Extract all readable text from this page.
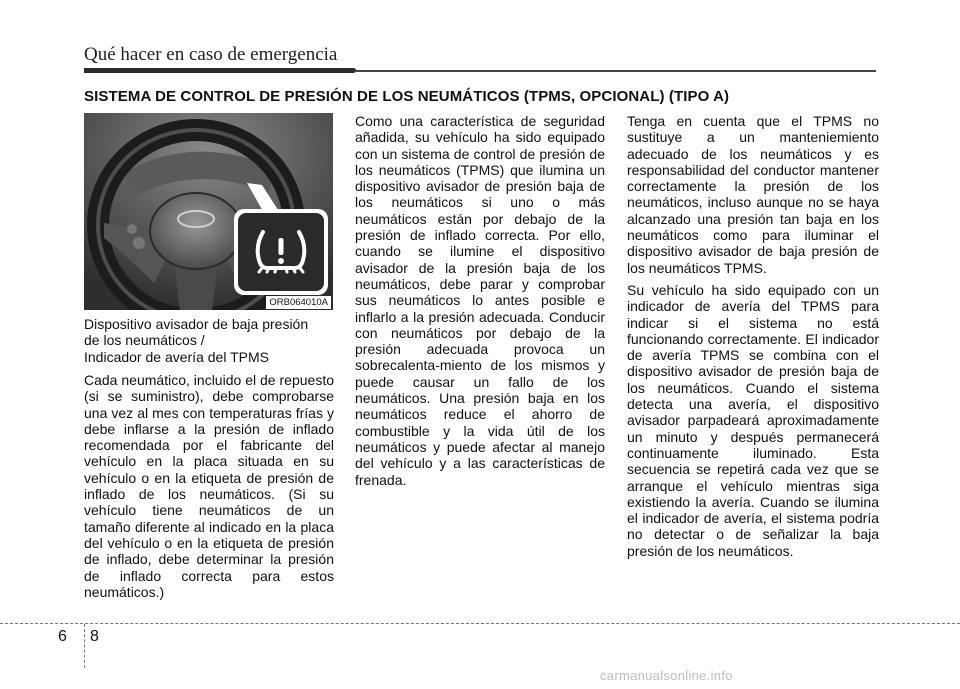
Qué hacer en caso de emergencia
SISTEMA DE CONTROL DE PRESIÓN DE LOS NEUMÁTICOS (TPMS, OPCIONAL) (TIPO A)
ORB064010A
Dispositivo avisador de baja presión
de los neumáticos /
Indicador de avería del TPMS

Cada neumático, incluido el de repuesto (si se suministro), debe comprobarse una vez al mes con temperaturas frías y debe inflarse a la presión de inflado recomendada por el fabricante del vehículo en la placa situada en su vehículo o en la etiqueta de presión de inflado de los neumáticos. (Si su vehículo tiene neumáticos de un tamaño diferente al indicado en la placa del vehículo o en la etiqueta de presión de inflado, debe determinar la presión de inflado correcta para estos neumáticos.)

Como una característica de seguridad añadida, su vehículo ha sido equipado con un sistema de control de presión de los neumáticos (TPMS) que ilumina un dispositivo avisador de presión baja de los neumáticos si uno o más neumáticos están por debajo de la presión de inflado correcta. Por ello, cuando se ilumine el dispositivo avisador de la presión baja de los neumáticos, debe parar y comprobar sus neumáticos lo antes posible e inflarlo a la presión adecuada. Conducir con neumáticos por debajo de la presión adecuada provoca un sobrecalenta-miento de los mismos y puede causar un fallo de los neumáticos. Una presión baja en los neumáticos reduce el ahorro de combustible y la vida útil de los neumáticos y puede afectar al manejo del vehículo y a las características de frenada.

Tenga en cuenta que el TPMS no sustituye a un manteniemiento adecuado de los neumáticos y es responsabilidad del conductor mantener correctamente la presión de los neumáticos, incluso aunque no se haya alcanzado una presión tan baja en los neumáticos como para iluminar el dispositivo avisador de baja presión de los neumáticos TPMS.

Su vehículo ha sido equipado con un indicador de avería del TPMS para indicar si el sistema no está funcionando correctamente. El indicador de avería TPMS se combina con el dispositivo avisador de presión baja de los neumáticos. Cuando el sistema detecta una avería, el dispositivo avisador parpadeará aproximadamente un minuto y después permanecerá continuamente iluminado. Esta secuencia se repetirá cada vez que se arranque el vehículo mientras siga existiendo la avería. Cuando se ilumina el indicador de avería, el sistema podría no detectar o de señalizar la baja presión de los neumáticos.

6 8
carmanualsonline.info
